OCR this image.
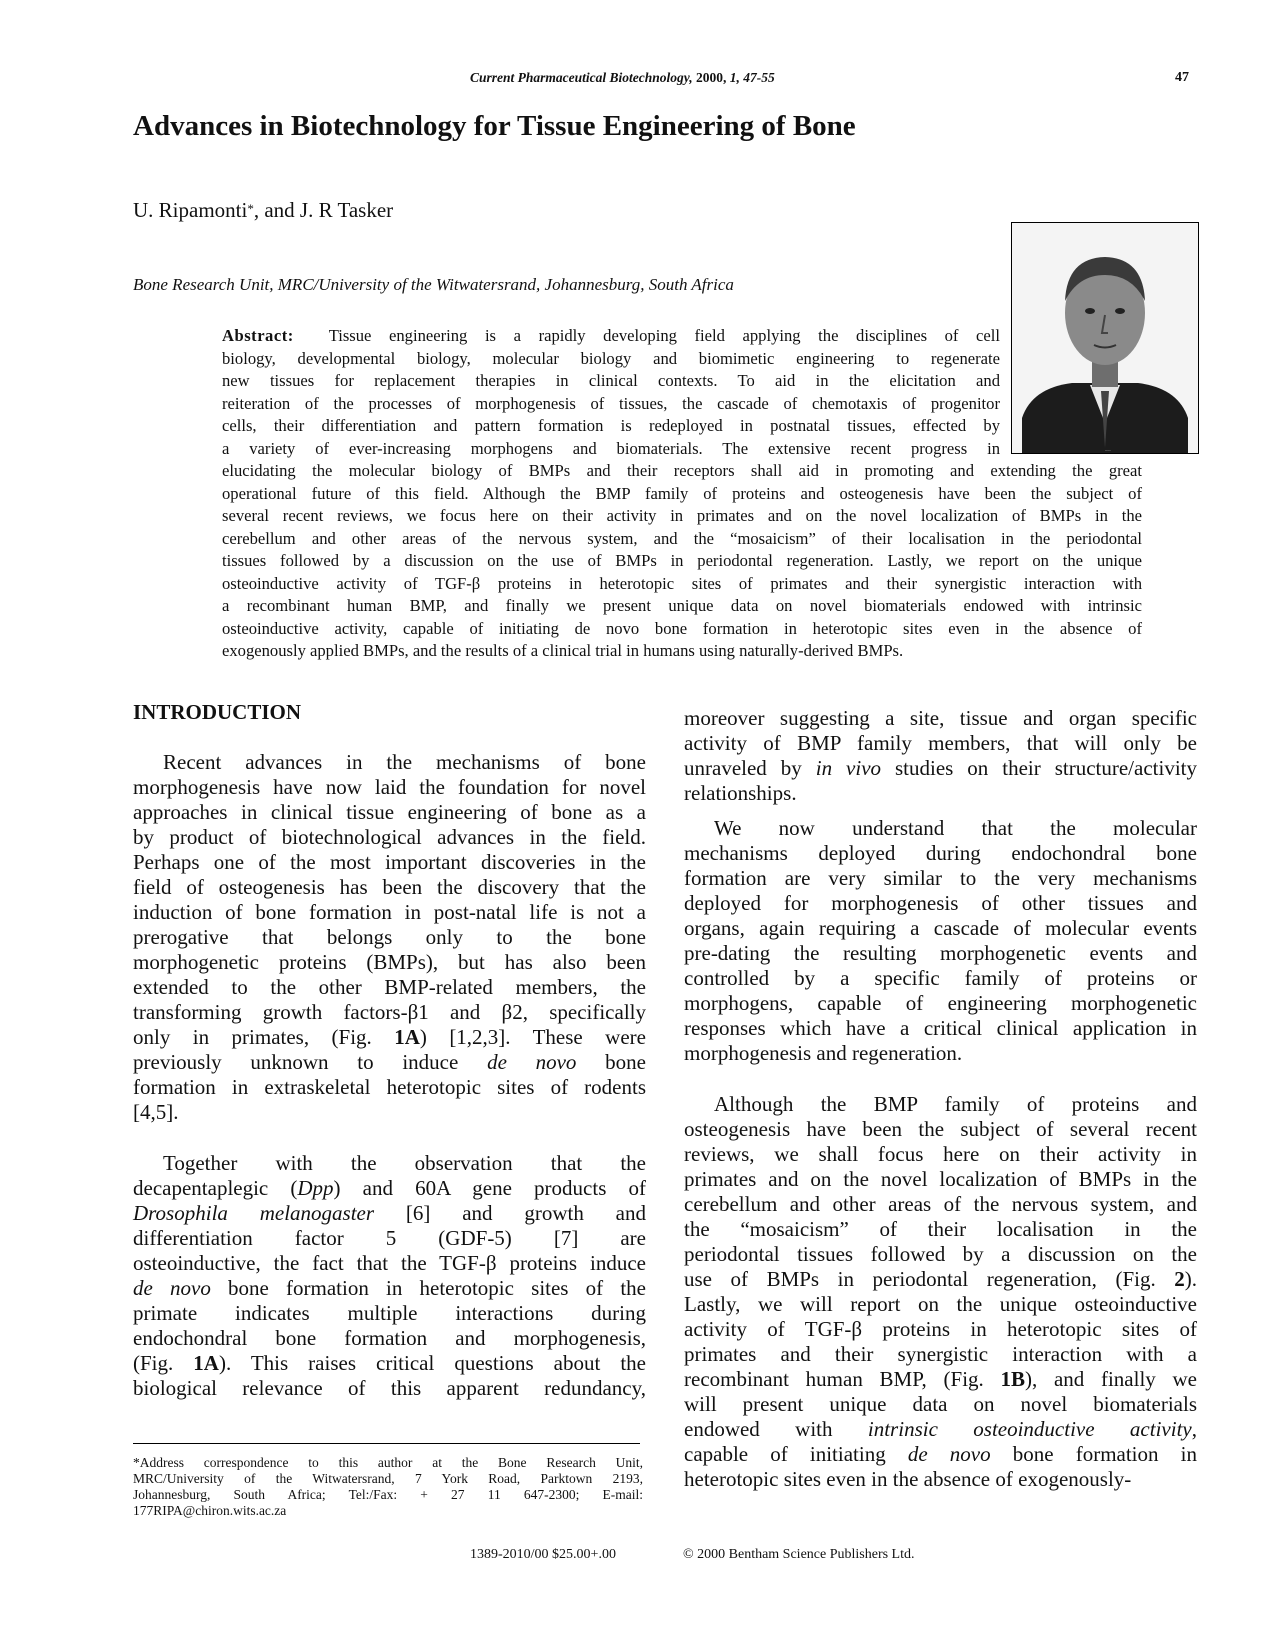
Current Pharmaceutical Biotechnology, 2000, 1, 47-55	47
Advances in Biotechnology for Tissue Engineering of Bone
U. Ripamonti*, and J. R Tasker
Bone Research Unit, MRC/University of the Witwatersrand, Johannesburg, South Africa
author portrait
Abstract: Tissue engineering is a rapidly developing field applying the disciplines of cell
biology, developmental biology, molecular biology and biomimetic engineering to regenerate
new tissues for replacement therapies in clinical contexts. To aid in the elicitation and
reiteration of the processes of morphogenesis of tissues, the cascade of chemotaxis of progenitor
cells, their differentiation and pattern formation is redeployed in postnatal tissues, effected by
a variety of ever-increasing morphogens and biomaterials. The extensive recent progress in
elucidating the molecular biology of BMPs and their receptors shall aid in promoting and extending the great
operational future of this field. Although the BMP family of proteins and osteogenesis have been the subject of
several recent reviews, we focus here on their activity in primates and on the novel localization of BMPs in the
cerebellum and other areas of the nervous system, and the “mosaicism” of their localisation in the periodontal
tissues followed by a discussion on the use of BMPs in periodontal regeneration. Lastly, we report on the unique
osteoinductive activity of TGF-β proteins in heterotopic sites of primates and their synergistic interaction with
a recombinant human BMP, and finally we present unique data on novel biomaterials endowed with intrinsic
osteoinductive activity, capable of initiating de novo bone formation in heterotopic sites even in the absence of
exogenously applied BMPs, and the results of a clinical trial in humans using naturally-derived BMPs.
INTRODUCTION
Recent advances in the mechanisms of bone
morphogenesis have now laid the foundation for novel
approaches in clinical tissue engineering of bone as a
by product of biotechnological advances in the field.
Perhaps one of the most important discoveries in the
field of osteogenesis has been the discovery that the
induction of bone formation in post-natal life is not a
prerogative that belongs only to the bone
morphogenetic proteins (BMPs), but has also been
extended to the other BMP-related members, the
transforming growth factors-β1 and β2, specifically
only in primates, (Fig. 1A) [1,2,3]. These were
previously unknown to induce de novo bone
formation in extraskeletal heterotopic sites of rodents
[4,5].
Together with the observation that the
decapentaplegic (Dpp) and 60A gene products of
Drosophila melanogaster [6] and growth and
differentiation factor 5 (GDF-5) [7] are
osteoinductive, the fact that the TGF-β proteins induce
de novo bone formation in heterotopic sites of the
primate indicates multiple interactions during
endochondral bone formation and morphogenesis,
(Fig. 1A). This raises critical questions about the
biological relevance of this apparent redundancy,
moreover suggesting a site, tissue and organ specific
activity of BMP family members, that will only be
unraveled by in vivo studies on their structure/activity
relationships.
We now understand that the molecular
mechanisms deployed during endochondral bone
formation are very similar to the very mechanisms
deployed for morphogenesis of other tissues and
organs, again requiring a cascade of molecular events
pre-dating the resulting morphogenetic events and
controlled by a specific family of proteins or
morphogens, capable of engineering morphogenetic
responses which have a critical clinical application in
morphogenesis and regeneration.
Although the BMP family of proteins and
osteogenesis have been the subject of several recent
reviews, we shall focus here on their activity in
primates and on the novel localization of BMPs in the
cerebellum and other areas of the nervous system, and
the “mosaicism” of their localisation in the
periodontal tissues followed by a discussion on the
use of BMPs in periodontal regeneration, (Fig. 2).
Lastly, we will report on the unique osteoinductive
activity of TGF-β proteins in heterotopic sites of
primates and their synergistic interaction with a
recombinant human BMP, (Fig. 1B), and finally we
will present unique data on novel biomaterials
endowed with intrinsic osteoinductive activity,
capable of initiating de novo bone formation in
heterotopic sites even in the absence of exogenously-
*Address correspondence to this author at the Bone Research Unit,
MRC/University of the Witwatersrand, 7 York Road, Parktown 2193,
Johannesburg, South Africa; Tel:/Fax: + 27 11 647-2300; E-mail:
177RIPA@chiron.wits.ac.za
1389-2010/00 $25.00+.00	© 2000 Bentham Science Publishers Ltd.
